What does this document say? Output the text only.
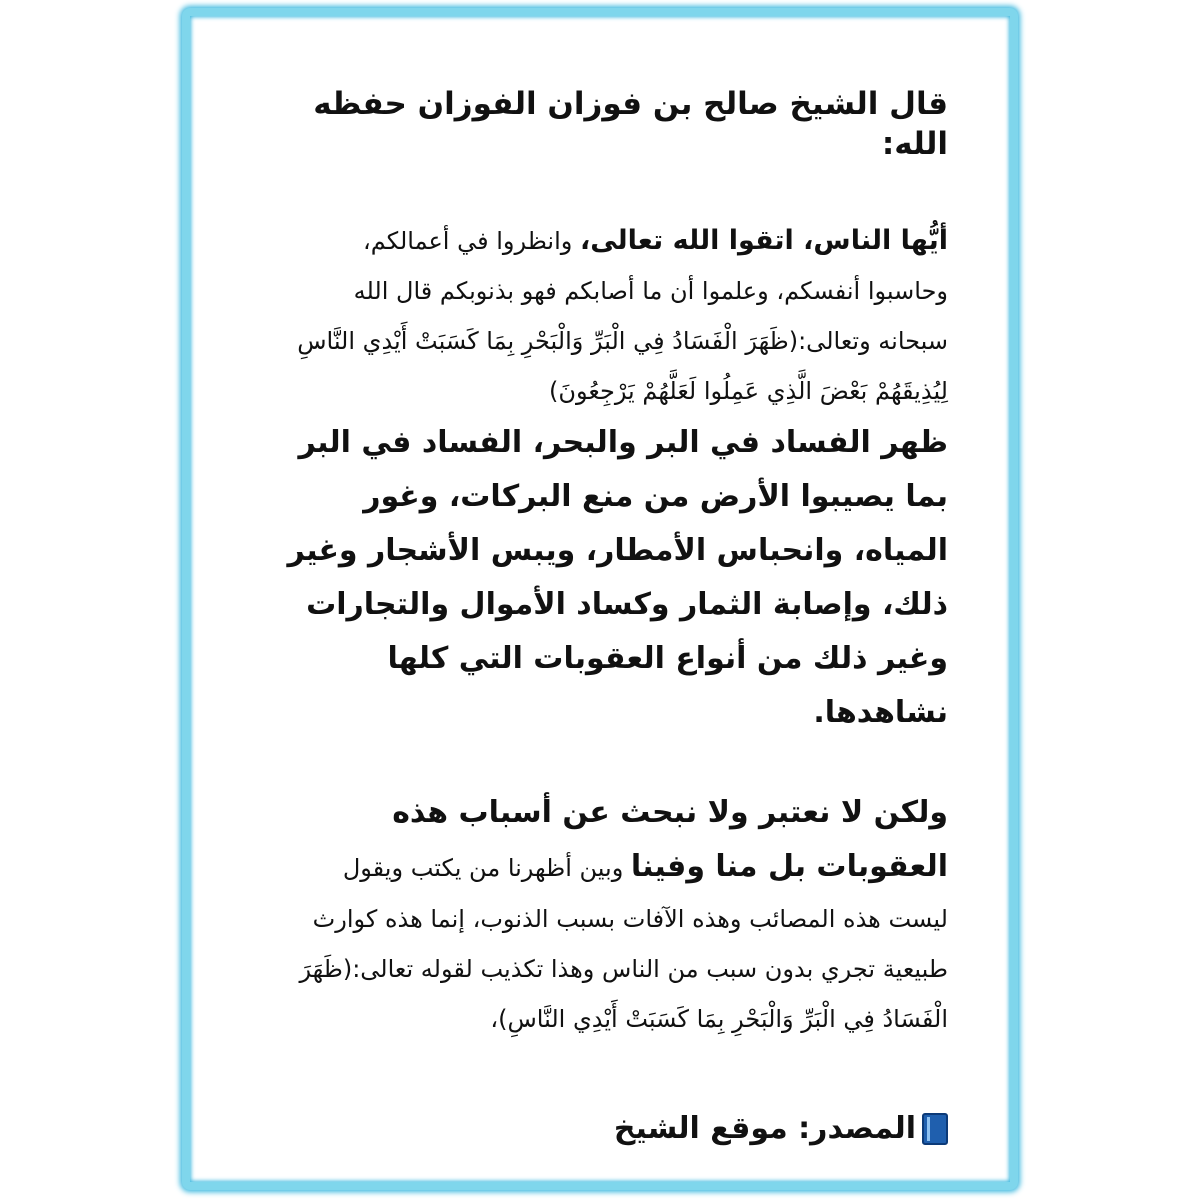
قال الشيخ صالح بن فوزان الفوزان حفظه الله:

أيُّها الناس، اتقوا الله تعالى، وانظروا في أعمالكم، وحاسبوا أنفسكم، وعلموا أن ما أصابكم فهو بذنوبكم قال الله سبحانه وتعالى:(ظَهَرَ الْفَسَادُ فِي الْبَرِّ وَالْبَحْرِ بِمَا كَسَبَتْ أَيْدِي النَّاسِ لِيُذِيقَهُمْ بَعْضَ الَّذِي عَمِلُوا لَعَلَّهُمْ يَرْجِعُونَ)

ظهر الفساد في البر والبحر، الفساد في البر بما يصيبوا الأرض من منع البركات، وغور المياه، وانحباس الأمطار، ويبس الأشجار وغير ذلك، وإصابة الثمار وكساد الأموال والتجارات وغير ذلك من أنواع العقوبات التي كلها نشاهدها.

ولكن لا نعتبر ولا نبحث عن أسباب هذه العقوبات بل منا وفينا وبين أظهرنا من يكتب ويقول ليست هذه المصائب وهذه الآفات بسبب الذنوب، إنما هذه كوارث طبيعية تجري بدون سبب من الناس وهذا تكذيب لقوله تعالى:(ظَهَرَ الْفَسَادُ فِي الْبَرِّ وَالْبَحْرِ بِمَا كَسَبَتْ أَيْدِي النَّاسِ)،

المصدر: موقع الشيخ
